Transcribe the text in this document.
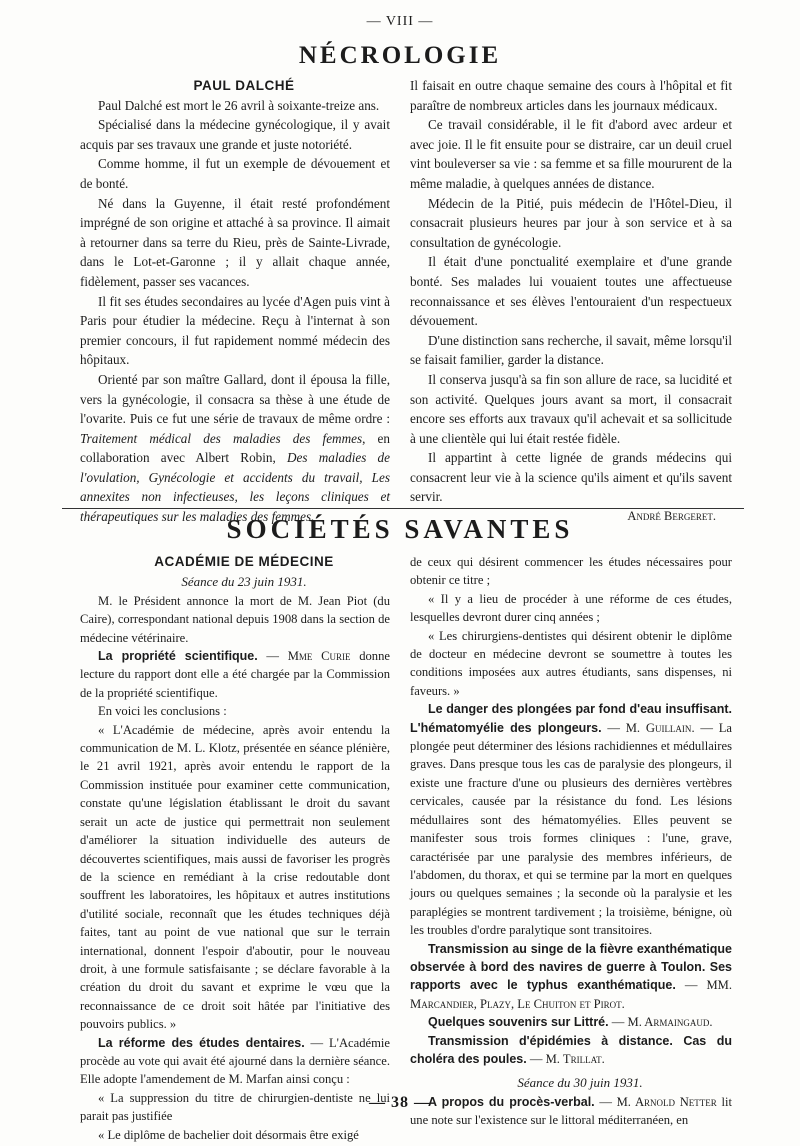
— VIII —
NÉCROLOGIE

PAUL DALCHÉ

Paul Dalché est mort le 26 avril à soixante-treize ans.

Spécialisé dans la médecine gynécologique, il y avait acquis par ses travaux une grande et juste notoriété.

Comme homme, il fut un exemple de dévouement et de bonté.

Né dans la Guyenne, il était resté profondément imprégné de son origine et attaché à sa province. Il aimait à retourner dans sa terre du Rieu, près de Sainte-Livrade, dans le Lot-et-Garonne ; il y allait chaque année, fidèlement, passer ses vacances.

Il fit ses études secondaires au lycée d'Agen puis vint à Paris pour étudier la médecine. Reçu à l'internat à son premier concours, il fut rapidement nommé médecin des hôpitaux.

Orienté par son maître Gallard, dont il épousa la fille, vers la gynécologie, il consacra sa thèse à une étude de l'ovarite. Puis ce fut une série de travaux de même ordre : Traitement médical des maladies des femmes, en collaboration avec Albert Robin, Des maladies de l'ovulation, Gynécologie et accidents du travail, Les annexites non infectieuses, les leçons cliniques et thérapeutiques sur les maladies des femmes.

Il faisait en outre chaque semaine des cours à l'hôpital et fit paraître de nombreux articles dans les journaux médicaux.

Ce travail considérable, il le fit d'abord avec ardeur et avec joie. Il le fit ensuite pour se distraire, car un deuil cruel vint bouleverser sa vie : sa femme et sa fille moururent de la même maladie, à quelques années de distance.

Médecin de la Pitié, puis médecin de l'Hôtel-Dieu, il consacrait plusieurs heures par jour à son service et à sa consultation de gynécologie.

Il était d'une ponctualité exemplaire et d'une grande bonté. Ses malades lui vouaient toutes une affectueuse reconnaissance et ses élèves l'entouraient d'un respectueux dévouement.

D'une distinction sans recherche, il savait, même lorsqu'il se faisait familier, garder la distance.

Il conserva jusqu'à sa fin son allure de race, sa lucidité et son activité. Quelques jours avant sa mort, il consacrait encore ses efforts aux travaux qu'il achevait et sa sollicitude à une clientèle qui lui était restée fidèle.

Il appartint à cette lignée de grands médecins qui consacrent leur vie à la science qu'ils aiment et qu'ils savent servir.

André Bergeret.

SOCIÉTÉS SAVANTES

ACADÉMIE DE MÉDECINE

Séance du 23 juin 1931.

M. le Président annonce la mort de M. Jean Piot (du Caire), correspondant national depuis 1908 dans la section de médecine vétérinaire.

La propriété scientifique. — Mme Curie donne lecture du rapport dont elle a été chargée par la Commission de la propriété scientifique.

En voici les conclusions :

« L'Académie de médecine, après avoir entendu la communication de M. L. Klotz, présentée en séance plénière, le 21 avril 1921, après avoir entendu le rapport de la Commission instituée pour examiner cette communication, constate qu'une législation établissant le droit du savant serait un acte de justice qui permettrait non seulement d'améliorer la situation individuelle des auteurs de découvertes scientifiques, mais aussi de favoriser les progrès de la science en remédiant à la crise redoutable dont souffrent les laboratoires, les hôpitaux et autres institutions d'utilité sociale, reconnaît que les études techniques déjà faites, tant au point de vue national que sur le terrain international, donnent l'espoir d'aboutir, pour le nouveau droit, à une formule satisfaisante ; se déclare favorable à la création du droit du savant et exprime le vœu que la reconnaissance de ce droit soit hâtée par l'initiative des pouvoirs publics. »

La réforme des études dentaires. — L'Académie procède au vote qui avait été ajourné dans la dernière séance. Elle adopte l'amendement de M. Marfan ainsi conçu :

« La suppression du titre de chirurgien-dentiste ne lui parait pas justifiée

« Le diplôme de bachelier doit désormais être exigé

de ceux qui désirent commencer les études nécessaires pour obtenir ce titre ;

« Il y a lieu de procéder à une réforme de ces études, lesquelles devront durer cinq années ;

« Les chirurgiens-dentistes qui désirent obtenir le diplôme de docteur en médecine devront se soumettre à toutes les conditions imposées aux autres étudiants, sans dispenses, ni faveurs. »

Le danger des plongées par fond d'eau insuffisant. L'hématomyélie des plongeurs. — M. Guillain. — La plongée peut déterminer des lésions rachidiennes et médullaires graves. Dans presque tous les cas de paralysie des plongeurs, il existe une fracture d'une ou plusieurs des dernières vertèbres cervicales, causée par la résistance du fond. Les lésions médullaires sont des hématomyélies. Elles peuvent se manifester sous trois formes cliniques : l'une, grave, caractérisée par une paralysie des membres inférieurs, de l'abdomen, du thorax, et qui se termine par la mort en quelques jours ou quelques semaines ; la seconde où la paralysie et les paraplégies se montrent tardivement ; la troisième, bénigne, où les troubles d'ordre paralytique sont transitoires.

Transmission au singe de la fièvre exanthématique observée à bord des navires de guerre à Toulon. Ses rapports avec le typhus exanthématique. — MM. Marcandier, Plazy, Le Chuiton et Pirot.

Quelques souvenirs sur Littré. — M. Armaingaud.

Transmission d'épidémies à distance. Cas du choléra des poules. — M. Trillat.

Séance du 30 juin 1931.

A propos du procès-verbal. — M. Arnold Netter lit une note sur l'existence sur le littoral méditerranéen, en

— 38 —
